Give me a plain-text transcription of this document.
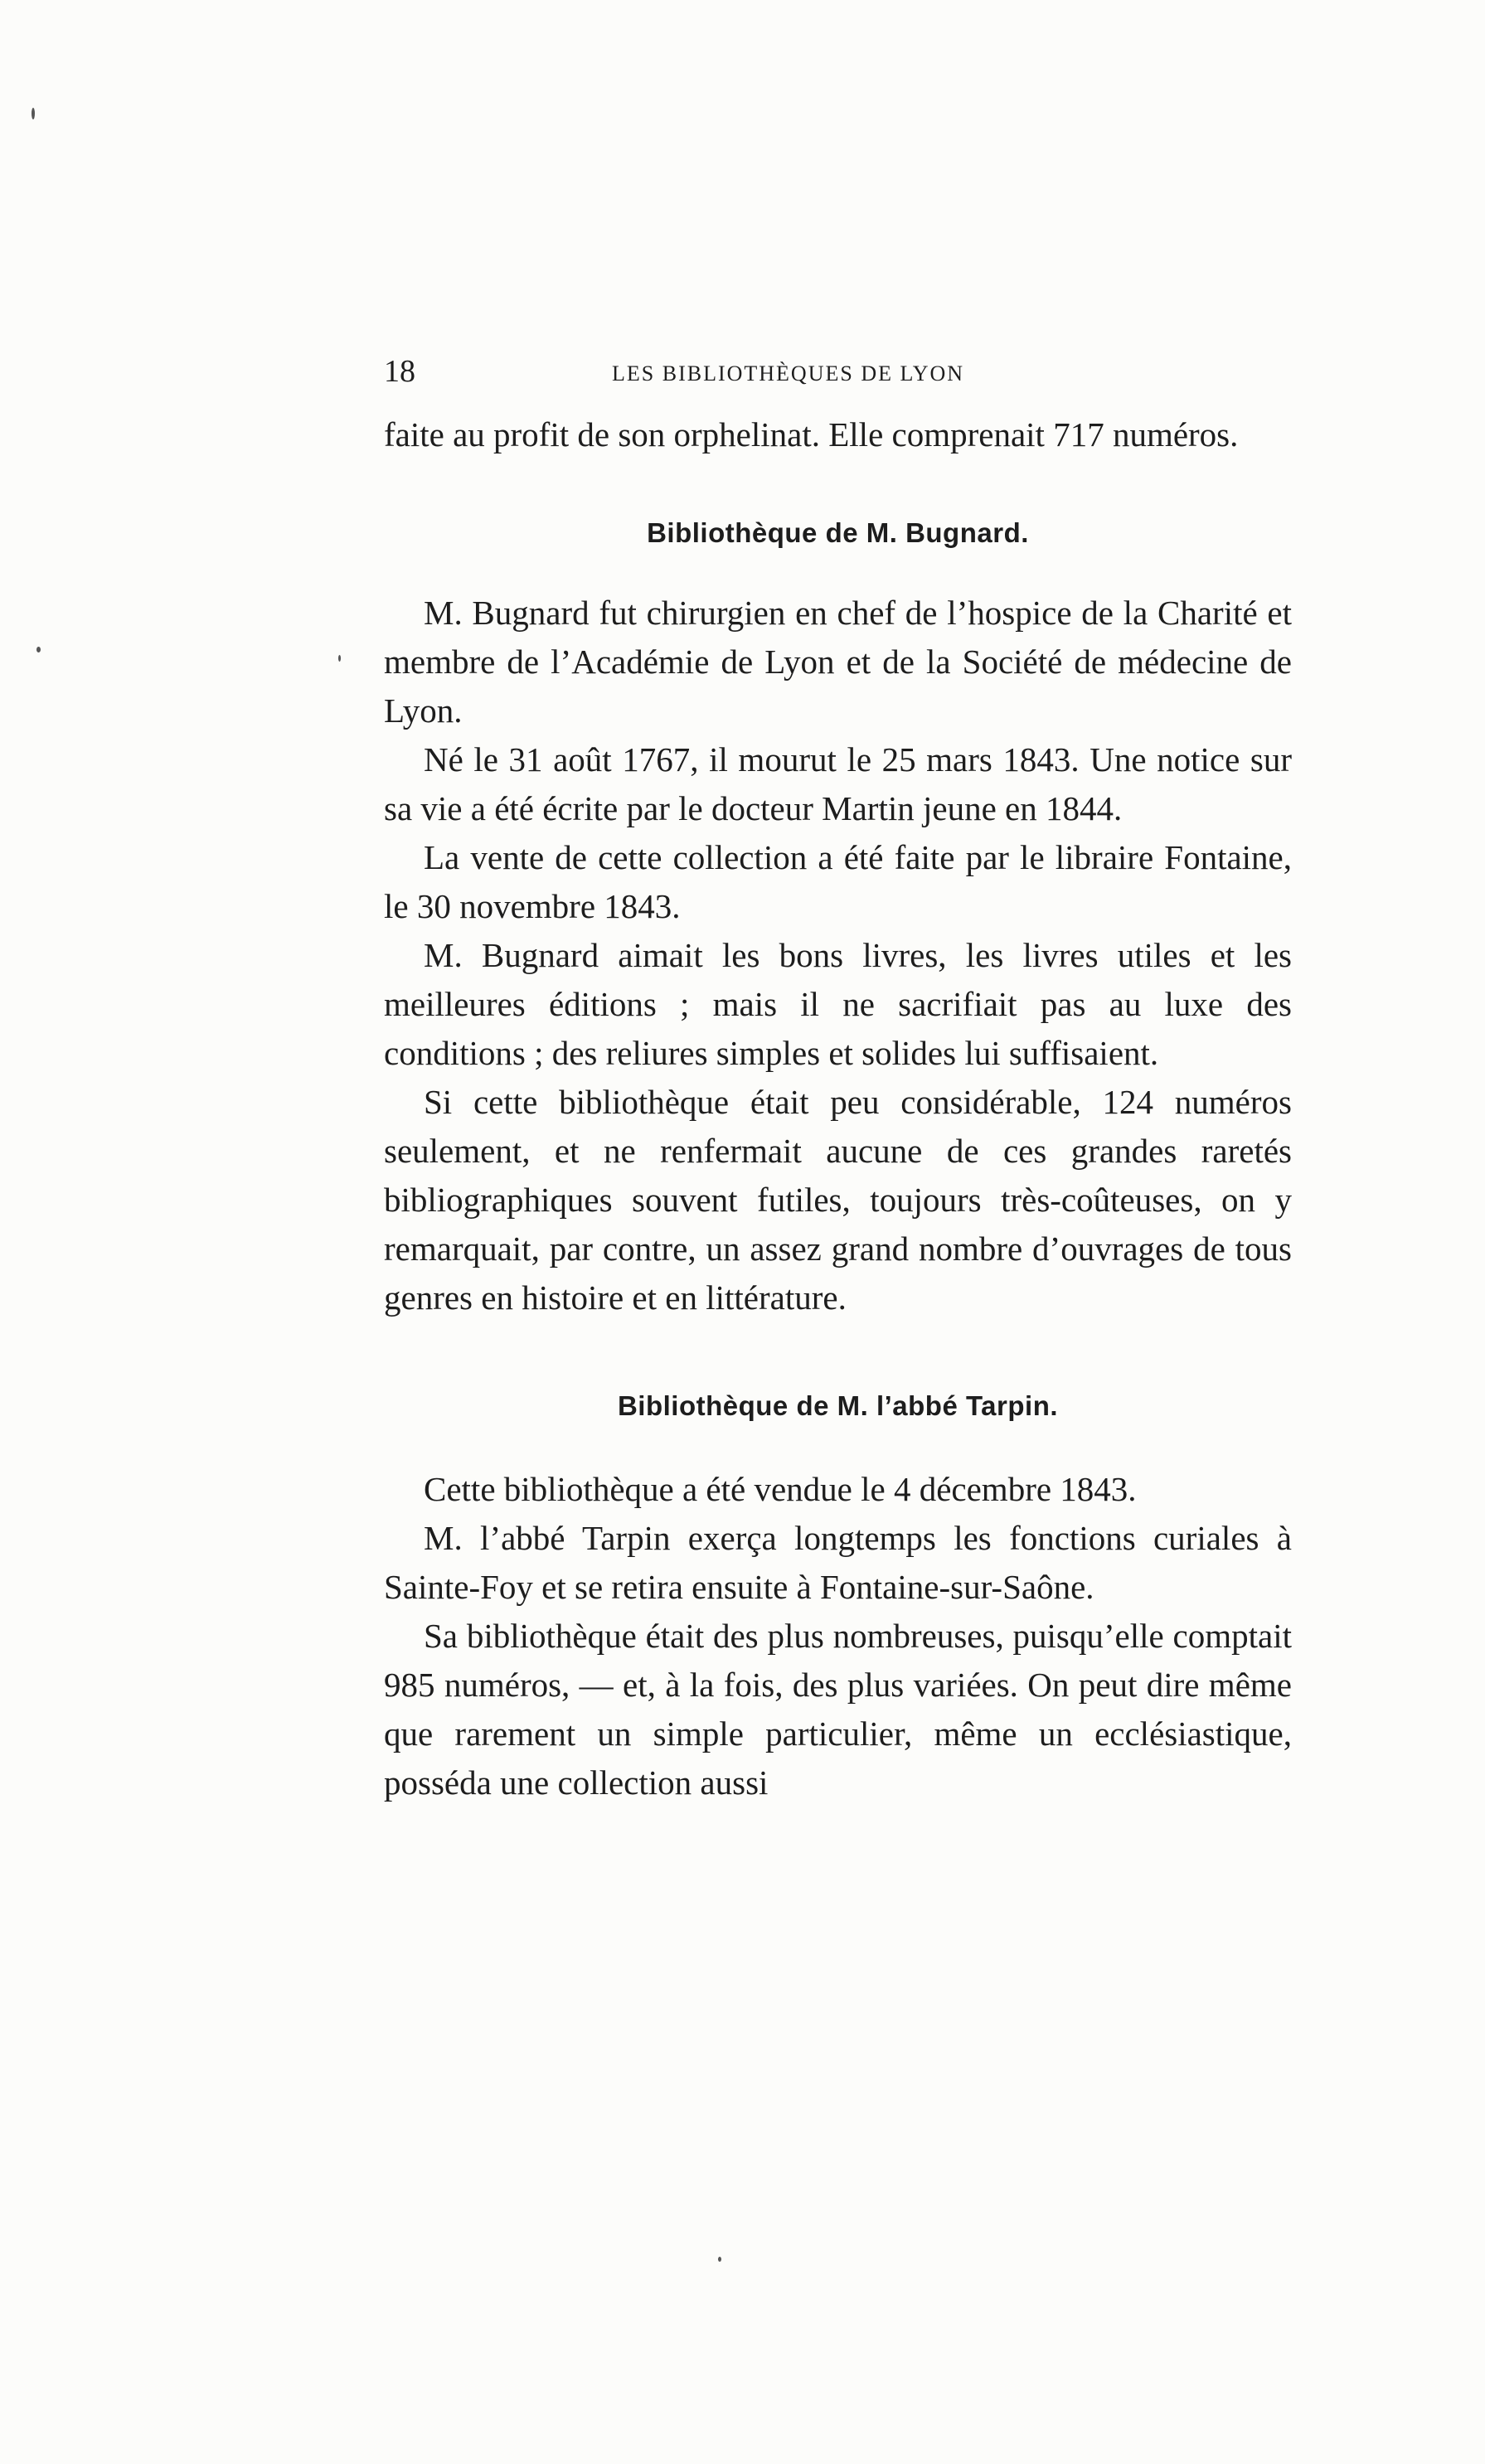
18	LES BIBLIOTHÈQUES DE LYON

faite au profit de son orphelinat. Elle comprenait 717 numéros.

Bibliothèque de M. Bugnard.

M. Bugnard fut chirurgien en chef de l’hospice de la Charité et membre de l’Académie de Lyon et de la Société de médecine de Lyon.

Né le 31 août 1767, il mourut le 25 mars 1843. Une notice sur sa vie a été écrite par le docteur Martin jeune en 1844.

La vente de cette collection a été faite par le libraire Fontaine, le 30 novembre 1843.

M. Bugnard aimait les bons livres, les livres utiles et les meilleures éditions ; mais il ne sacrifiait pas au luxe des conditions ; des reliures simples et solides lui suffisaient.

Si cette bibliothèque était peu considérable, 124 numéros seulement, et ne renfermait aucune de ces grandes raretés bibliographiques souvent futiles, toujours très-coûteuses, on y remarquait, par contre, un assez grand nombre d’ouvrages de tous genres en histoire et en littérature.

Bibliothèque de M. l’abbé Tarpin.

Cette bibliothèque a été vendue le 4 décembre 1843.

M. l’abbé Tarpin exerça longtemps les fonctions curiales à Sainte-Foy et se retira ensuite à Fontaine-sur-Saône.

Sa bibliothèque était des plus nombreuses, puisqu’elle comptait 985 numéros, — et, à la fois, des plus variées. On peut dire même que rarement un simple particulier, même un ecclésiastique, posséda une collection aussi
